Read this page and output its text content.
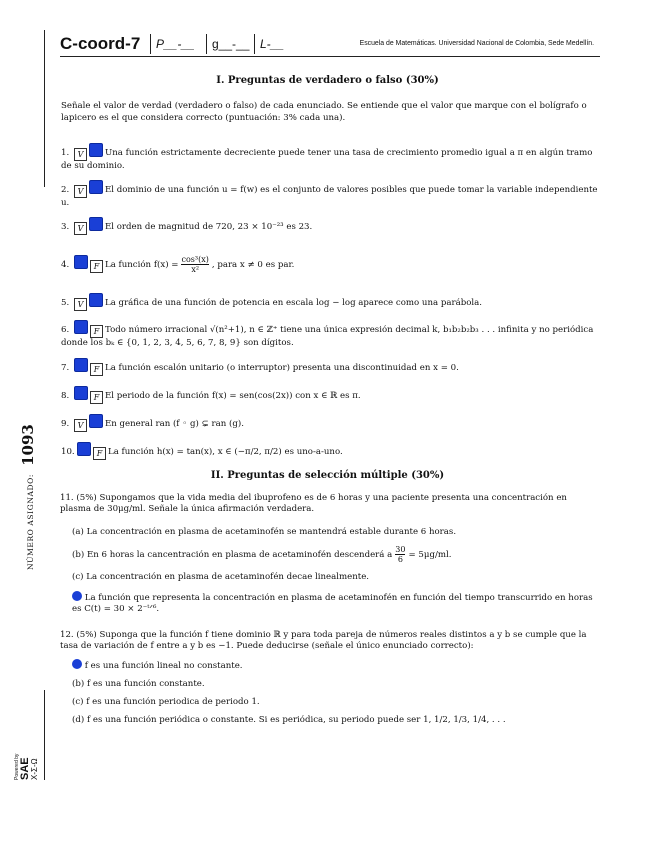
C-coord-7 P__-__ g__-__ L-__	Escuela de Matemáticas. Universidad Nacional de Colombia, Sede Medellín.
NÚMERO ASIGNADO: 1093
I. Preguntas de verdadero o falso (30%)
Señale el valor de verdad (verdadero o falso) de cada enunciado. Se entiende que el valor que marque con el bolígrafo o lapicero es el que considera correcto (puntuación: 3% cada una).
1. V	Una función estrictamente decreciente puede tener una tasa de crecimiento promedio igual a π en algún tramo de su dominio.
2. V	El dominio de una función u = f(w) es el conjunto de valores posibles que puede tomar la variable independiente u.
3. V	El orden de magnitud de 720, 23 × 10⁻²³ es 23.
4.	F La función $f(x) = \frac{\text{cos³(x)}}{\text{x²}}$ , para x ≠ 0 es par.
5. V	La gráfica de una función de potencia en escala log − log aparece como una parábola.
6.	F Todo número irracional √(n²+1), n ∈ ℤ⁺ tiene una única expresión decimal k, b₁b₂b₂b₃ . . . infinita y no periódica donde los bₖ ∈ {0, 1, 2, 3, 4, 5, 6, 7, 8, 9} son dígitos.
7.	F La función escalón unitario (o interruptor) presenta una discontinuidad en x = 0.
8.	F El periodo de la función f(x) = sen(cos(2x)) con x ∈ ℝ es π.
9. V	En general ran (f ◦ g) ⊊ ran (g).
10.	F La función h(x) = tan(x), x ∈ (−π/2, π/2) es uno-a-uno.
II. Preguntas de selección múltiple (30%)
11. (5%) Supongamos que la vida media del ibuprofeno es de 6 horas y una paciente presenta una concentración en plasma de 30μg/ml. Señale la única afirmación verdadera.
(a) La concentración en plasma de acetaminofén se mantendrá estable durante 6 horas.
(b) En 6 horas la cancentración en plasma de acetaminofén descenderá a $\frac{30}{6} = 5\mu g/ml$.
(c) La concentración en plasma de acetaminofén decae linealmente.
La función que representa la concentración en plasma de acetaminofén en función del tiempo transcurrido en horas es C(t) = 30 × 2⁻ᵗᐟ⁶.
12. (5%) Suponga que la función f tiene dominio ℝ y para toda pareja de números reales distintos a y b se cumple que la tasa de variación de f entre a y b es −1. Puede deducirse (señale el único enunciado correcto):
f es una función lineal no constante.
(b) f es una función constante.
(c) f es una función periodica de periodo 1.
(d) f es una función periódica o constante. Si es periódica, su periodo puede ser 1, 1/2, 1/3, 1/4, . . .
Powered by SAE X-Σ-Ω
